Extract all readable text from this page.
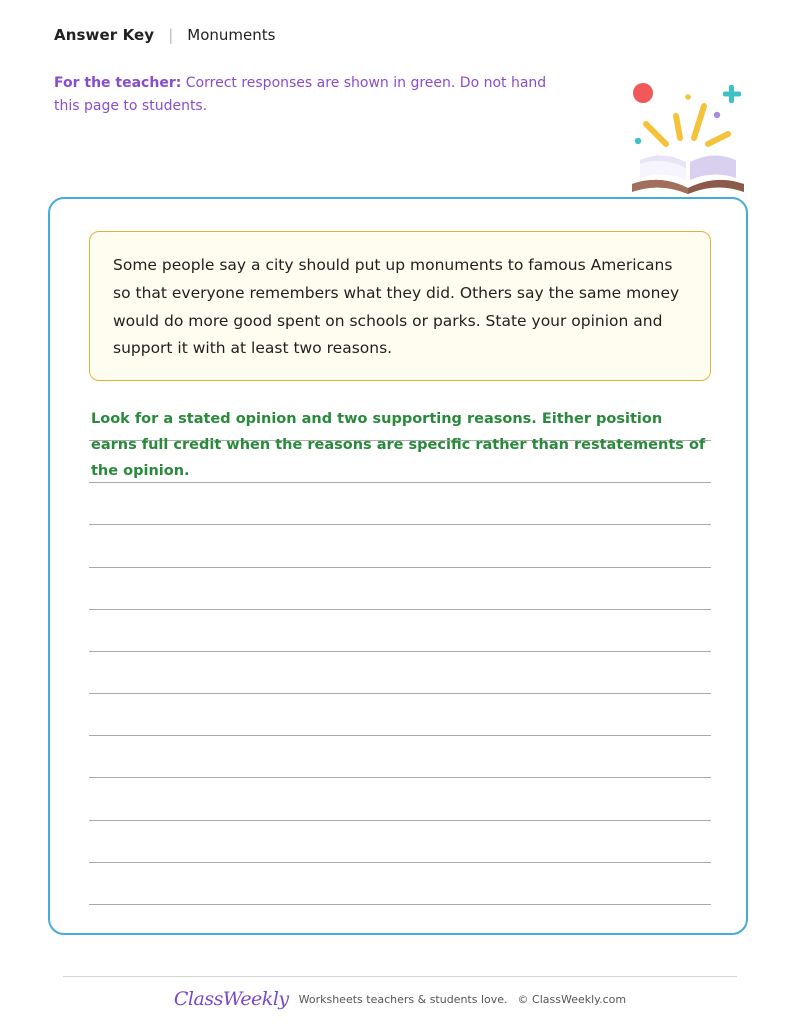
Answer Key | Monuments
For the teacher: Correct responses are shown in green. Do not hand this page to students.
Some people say a city should put up monuments to famous Americans so that everyone remembers what they did. Others say the same money would do more good spent on schools or parks. State your opinion and support it with at least two reasons.
Look for a stated opinion and two supporting reasons. Either position earns full credit when the reasons are specific rather than restatements of the opinion.
ClassWeekly Worksheets teachers & students love. © ClassWeekly.com
